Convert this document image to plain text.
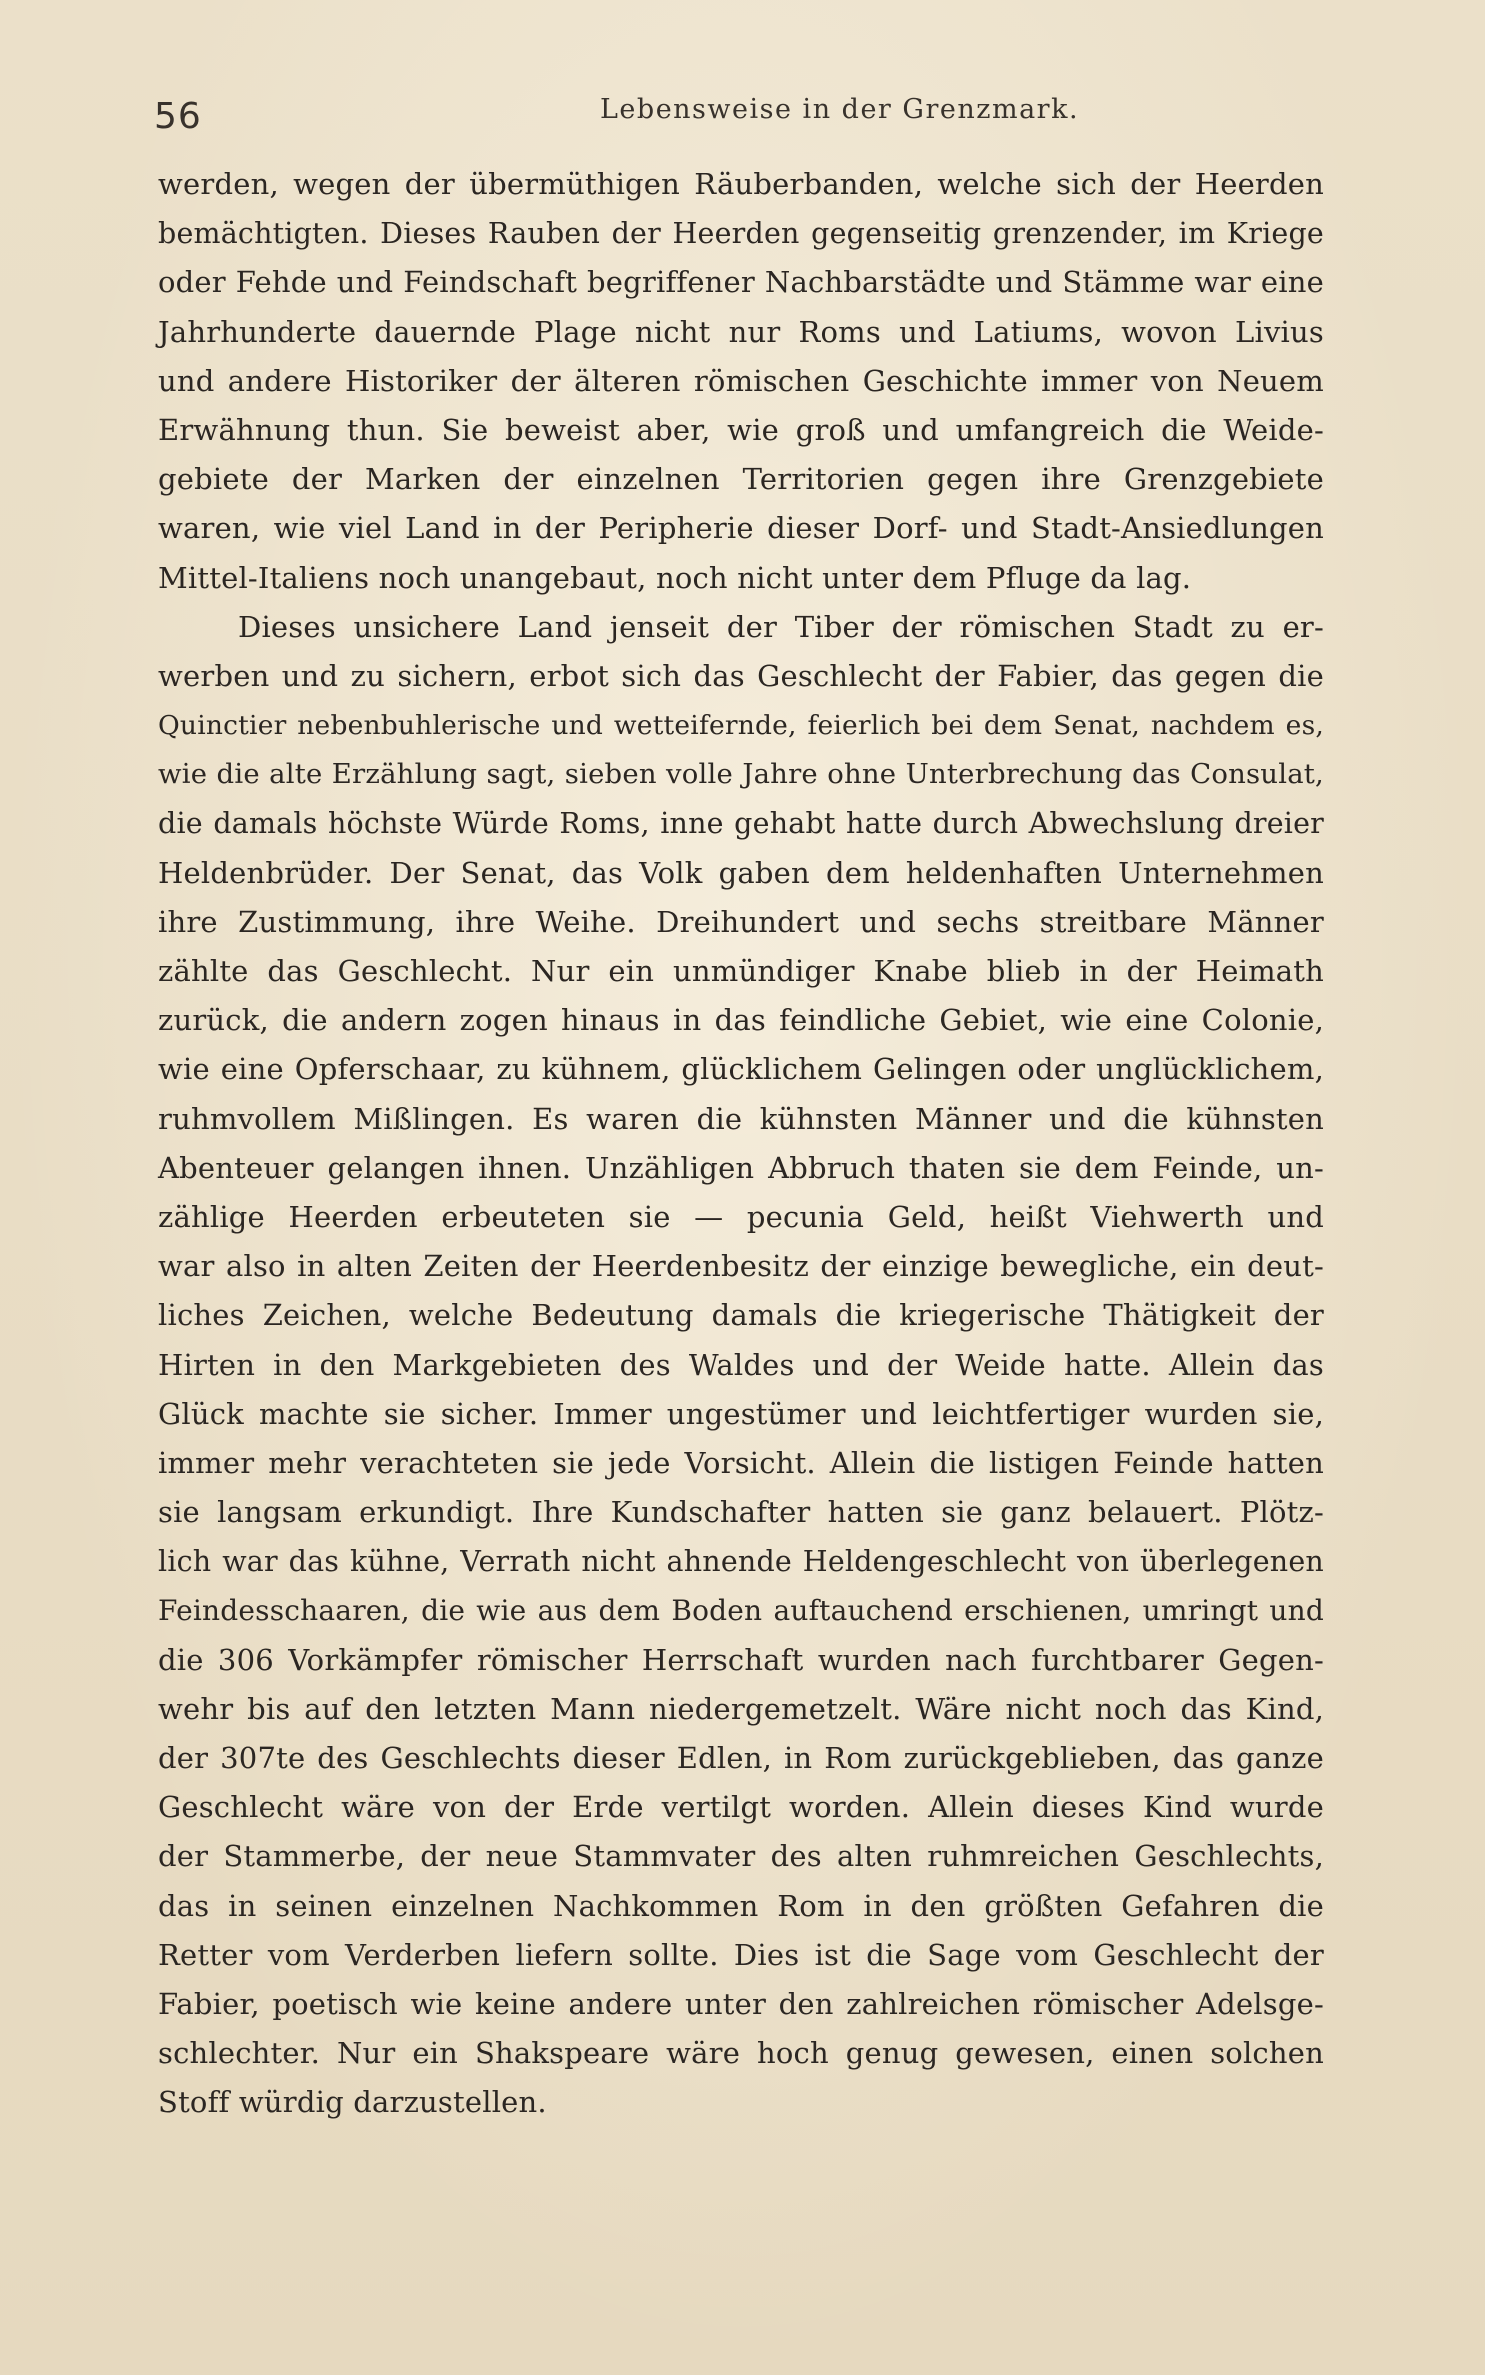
56	Lebensweise in der Grenzmark.
werden, wegen der übermüthigen Räuberbanden, welche sich der Heerden
bemächtigten. Dieses Rauben der Heerden gegenseitig grenzender, im Kriege
oder Fehde und Feindschaft begriffener Nachbarstädte und Stämme war eine
Jahrhunderte dauernde Plage nicht nur Roms und Latiums, wovon Livius
und andere Historiker der älteren römischen Geschichte immer von Neuem
Erwähnung thun. Sie beweist aber, wie groß und umfangreich die Weide-
gebiete der Marken der einzelnen Territorien gegen ihre Grenzgebiete
waren, wie viel Land in der Peripherie dieser Dorf- und Stadt-Ansiedlungen
Mittel-Italiens noch unangebaut, noch nicht unter dem Pfluge da lag.
Dieses unsichere Land jenseit der Tiber der römischen Stadt zu er-
werben und zu sichern, erbot sich das Geschlecht der Fabier, das gegen die
Quinctier nebenbuhlerische und wetteifernde, feierlich bei dem Senat, nachdem es,
wie die alte Erzählung sagt, sieben volle Jahre ohne Unterbrechung das Consulat,
die damals höchste Würde Roms, inne gehabt hatte durch Abwechslung dreier
Heldenbrüder. Der Senat, das Volk gaben dem heldenhaften Unternehmen
ihre Zustimmung, ihre Weihe. Dreihundert und sechs streitbare Männer
zählte das Geschlecht. Nur ein unmündiger Knabe blieb in der Heimath
zurück, die andern zogen hinaus in das feindliche Gebiet, wie eine Colonie,
wie eine Opferschaar, zu kühnem, glücklichem Gelingen oder unglücklichem,
ruhmvollem Mißlingen. Es waren die kühnsten Männer und die kühnsten
Abenteuer gelangen ihnen. Unzähligen Abbruch thaten sie dem Feinde, un-
zählige Heerden erbeuteten sie — pecunia Geld, heißt Viehwerth und
war also in alten Zeiten der Heerdenbesitz der einzige bewegliche, ein deut-
liches Zeichen, welche Bedeutung damals die kriegerische Thätigkeit der
Hirten in den Markgebieten des Waldes und der Weide hatte. Allein das
Glück machte sie sicher. Immer ungestümer und leichtfertiger wurden sie,
immer mehr verachteten sie jede Vorsicht. Allein die listigen Feinde hatten
sie langsam erkundigt. Ihre Kundschafter hatten sie ganz belauert. Plötz-
lich war das kühne, Verrath nicht ahnende Heldengeschlecht von überlegenen
Feindesschaaren, die wie aus dem Boden auftauchend erschienen, umringt und
die 306 Vorkämpfer römischer Herrschaft wurden nach furchtbarer Gegen-
wehr bis auf den letzten Mann niedergemetzelt. Wäre nicht noch das Kind,
der 307te des Geschlechts dieser Edlen, in Rom zurückgeblieben, das ganze
Geschlecht wäre von der Erde vertilgt worden. Allein dieses Kind wurde
der Stammerbe, der neue Stammvater des alten ruhmreichen Geschlechts,
das in seinen einzelnen Nachkommen Rom in den größten Gefahren die
Retter vom Verderben liefern sollte. Dies ist die Sage vom Geschlecht der
Fabier, poetisch wie keine andere unter den zahlreichen römischer Adelsge-
schlechter. Nur ein Shakspeare wäre hoch genug gewesen, einen solchen
Stoff würdig darzustellen.
